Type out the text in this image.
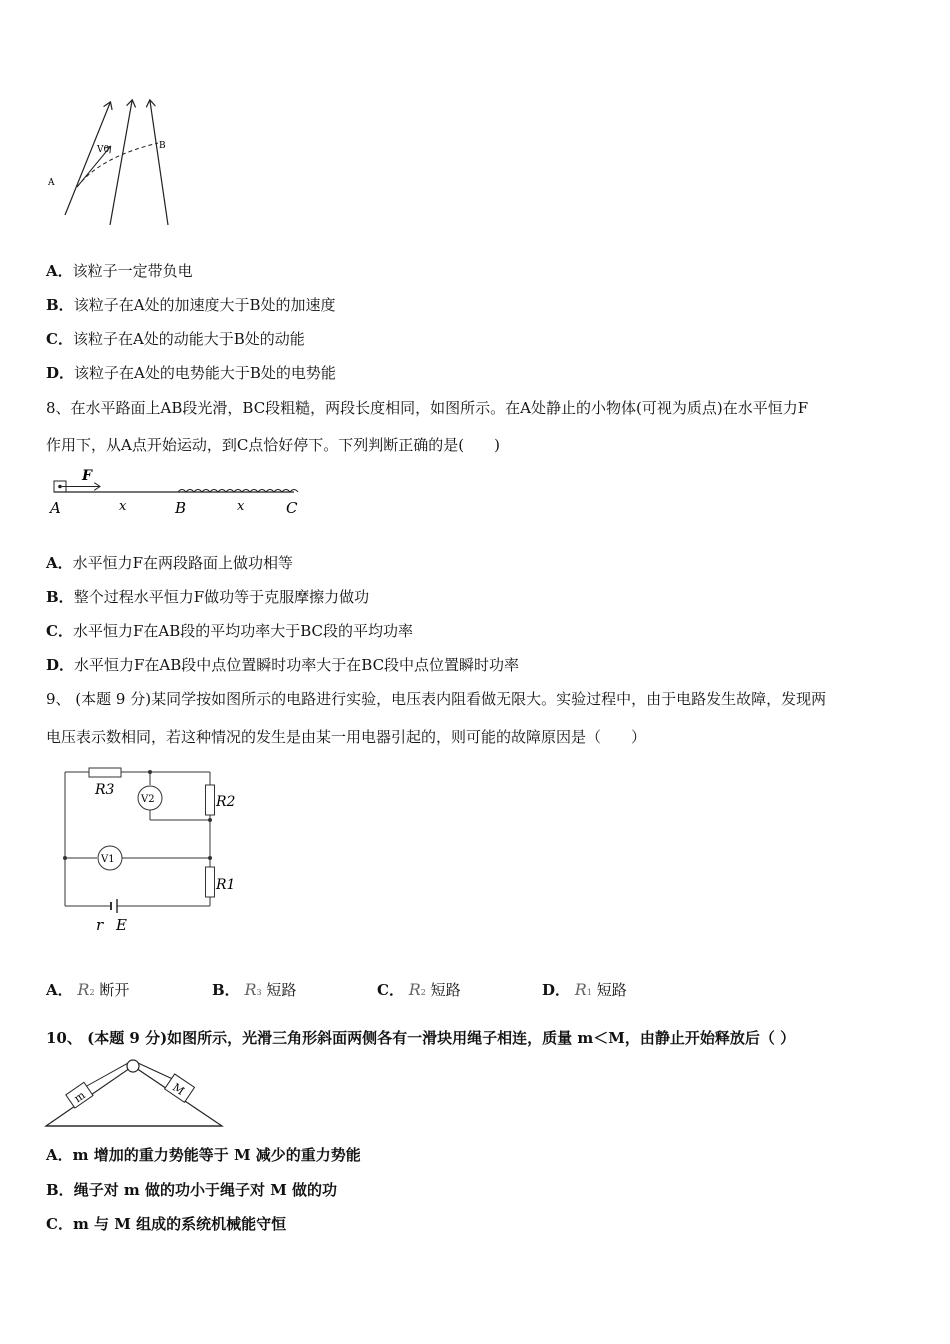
A
B
V0
A．该粒子一定带负电
B．该粒子在A处的加速度大于B处的加速度
C．该粒子在A处的动能大于B处的动能
D．该粒子在A处的电势能大于B处的电势能
8、在水平路面上AB段光滑，BC段粗糙，两段长度相同，如图所示。在A处静止的小物体(可视为质点)在水平恒力F
作用下，从A点开始运动，到C点恰好停下。下列判断正确的是(　　)
F
A	B	C
x	x
A．水平恒力F在两段路面上做功相等
B．整个过程水平恒力F做功等于克服摩擦力做功
C．水平恒力F在AB段的平均功率大于BC段的平均功率
D．水平恒力F在AB段中点位置瞬时功率大于在BC段中点位置瞬时功率
9、 (本题 9 分)某同学按如图所示的电路进行实验，电压表内阻看做无限大。实验过程中，由于电路发生故障，发现两
电压表示数相同，若这种情况的发生是由某一用电器引起的，则可能的故障原因是（　　）
R3
R2
R1
V2
V1
r E
A． R2 断开	B． R3 短路	C． R2 短路	D． R1 短路
10、 (本题 9 分)如图所示，光滑三角形斜面两侧各有一滑块用绳子相连，质量 m＜M，由静止开始释放后（ ）
m	M
A．m 增加的重力势能等于 M 减少的重力势能
B．绳子对 m 做的功小于绳子对 M 做的功
C．m 与 M 组成的系统机械能守恒
